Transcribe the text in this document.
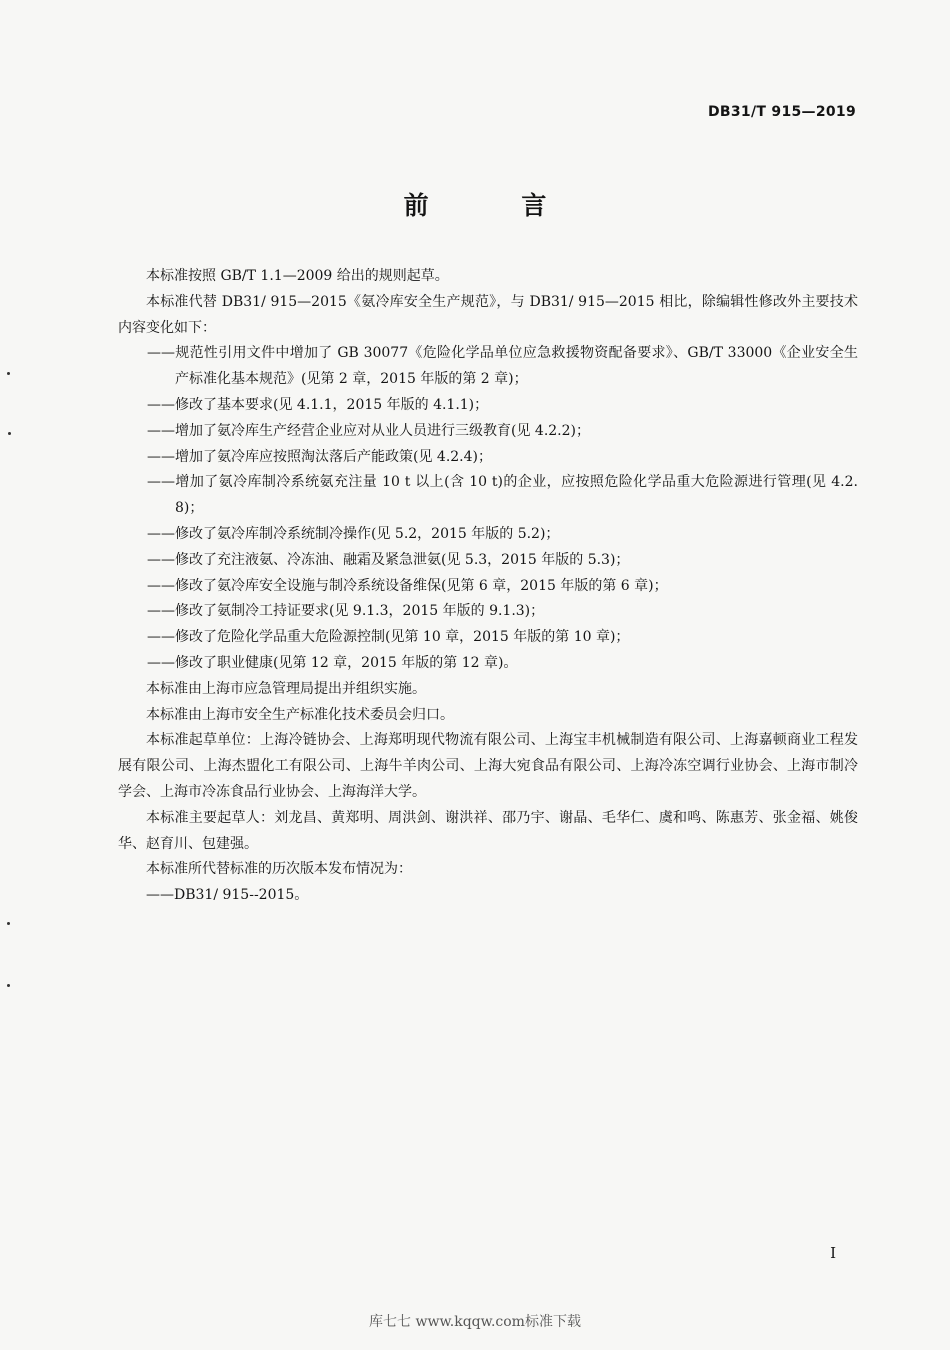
DB31/T 915—2019
前 言

本标准按照 GB/T 1.1—2009 给出的规则起草。

本标准代替 DB31/ 915—2015《氨冷库安全生产规范》，与 DB31/ 915—2015 相比，除编辑性修改外主要技术内容变化如下：

——规范性引用文件中增加了 GB 30077《危险化学品单位应急救援物资配备要求》、GB/T 33000《企业安全生产标准化基本规范》(见第 2 章，2015 年版的第 2 章)；

——修改了基本要求(见 4.1.1，2015 年版的 4.1.1)；

——增加了氨冷库生产经营企业应对从业人员进行三级教育(见 4.2.2)；

——增加了氨冷库应按照淘汰落后产能政策(见 4.2.4)；

——增加了氨冷库制冷系统氨充注量 10 t 以上(含 10 t)的企业，应按照危险化学品重大危险源进行管理(见 4.2.8)；

——修改了氨冷库制冷系统制冷操作(见 5.2，2015 年版的 5.2)；

——修改了充注液氨、冷冻油、融霜及紧急泄氨(见 5.3，2015 年版的 5.3)；

——修改了氨冷库安全设施与制冷系统设备维保(见第 6 章，2015 年版的第 6 章)；

——修改了氨制冷工持证要求(见 9.1.3，2015 年版的 9.1.3)；

——修改了危险化学品重大危险源控制(见第 10 章，2015 年版的第 10 章)；

——修改了职业健康(见第 12 章，2015 年版的第 12 章)。

本标准由上海市应急管理局提出并组织实施。

本标准由上海市安全生产标准化技术委员会归口。

本标准起草单位：上海冷链协会、上海郑明现代物流有限公司、上海宝丰机械制造有限公司、上海嘉顿商业工程发展有限公司、上海杰盟化工有限公司、上海牛羊肉公司、上海大宛食品有限公司、上海冷冻空调行业协会、上海市制冷学会、上海市冷冻食品行业协会、上海海洋大学。

本标准主要起草人：刘龙昌、黄郑明、周洪剑、谢洪祥、邵乃宇、谢晶、毛华仁、虞和鸣、陈惠芳、张金福、姚俊华、赵育川、包建强。

本标准所代替标准的历次版本发布情况为：

——DB31/ 915--2015。

I
库七七 www.kqqw.com标准下载
